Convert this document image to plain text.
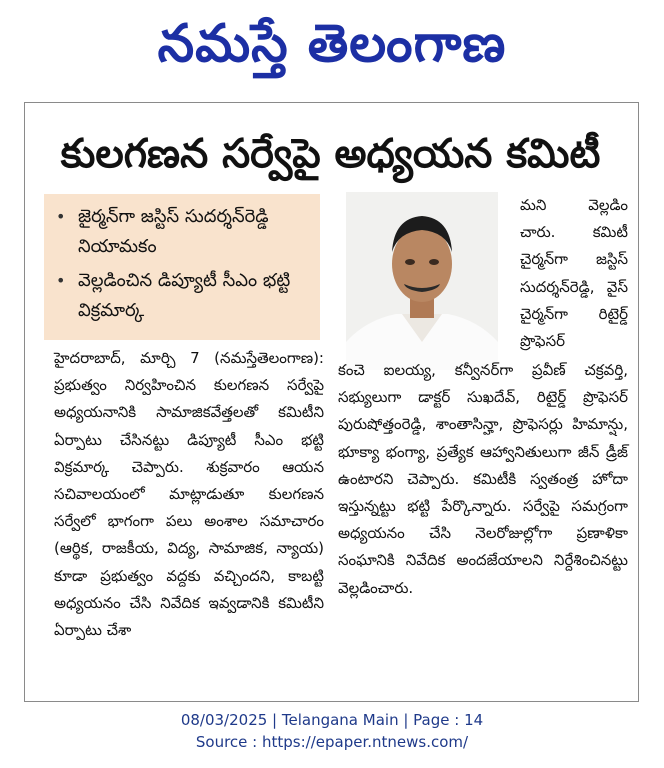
నమస్తే తెలంగాణ
కులగణన సర్వేపై అధ్యయన కమిటీ
• జైర్మన్‌గా జస్టిస్ సుదర్శన్‌రెడ్డి నియామకం
• వెల్లడించిన డిప్యూటీ సీఎం భట్టి విక్రమార్క
హైదరాబాద్, మార్చి 7 (నమస్తేతెలంగాణ): ప్రభుత్వం నిర్వహించిన కులగణన సర్వేపై అధ్యయనానికి సామాజికవేత్తలతో కమిటీని ఏర్పాటు చేసినట్టు డిప్యూటీ సీఎం భట్టి విక్రమార్క చెప్పారు. శుక్రవారం ఆయన సచివాలయంలో మాట్లాడుతూ కులగణన సర్వేలో భాగంగా పలు అంశాల సమాచారం (ఆర్థిక, రాజకీయ, విద్య, సామాజిక, న్యాయ) కూడా ప్రభుత్వం వద్దకు వచ్చిందని, కాబట్టి అధ్యయనం చేసి నివేదిక ఇవ్వడానికి కమిటీని ఏర్పాటు చేశా
మని వెల్లడిం చారు. కమిటీ చైర్మన్‌గా జస్టిస్ సుదర్శన్‌రెడ్డి, వైస్ చైర్మన్‌గా రిటైర్డ్ ప్రొఫెసర్
కంచె ఐలయ్య, కన్వీనర్‌గా ప్రవీణ్ చక్రవర్తి, సభ్యులుగా డాక్టర్ సుఖదేవ్, రిటైర్డ్ ప్రొఫెసర్ పురుషోత్తంరెడ్డి, శాంతాసిన్హా, ప్రొఫెసర్లు హిమాన్షు, భూక్యా భంగ్యా, ప్రత్యేక ఆహ్వానితులుగా జీన్ డ్రీజ్ ఉంటారని చెప్పారు. కమిటీకి స్వతంత్ర హోదా ఇస్తున్నట్టు భట్టి పేర్కొన్నారు. సర్వేపై సమగ్రంగా అధ్యయనం చేసి నెలరోజుల్లోగా ప్రణాళికా సంఘానికి నివేదిక అందజేయాలని నిర్దేశించినట్టు వెల్లడించారు.
08/03/2025 | Telangana Main | Page : 14
Source : https://epaper.ntnews.com/
